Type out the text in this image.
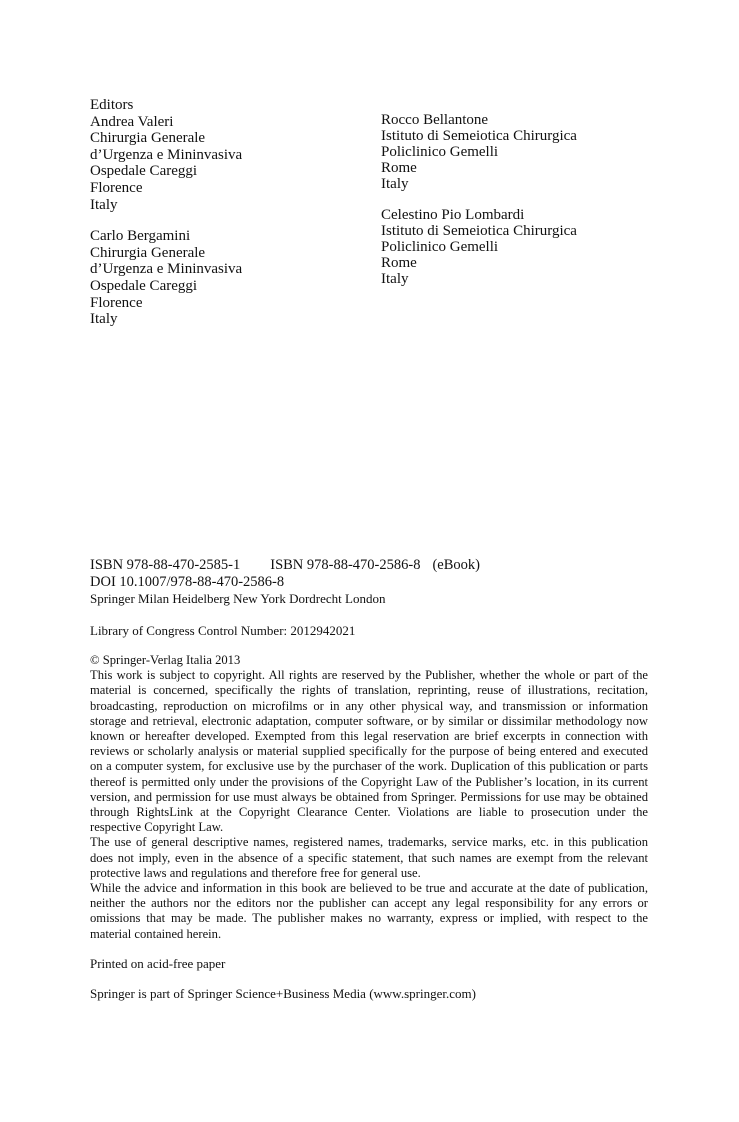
Editors
Andrea Valeri
Chirurgia Generale
d’Urgenza e Mininvasiva
Ospedale Careggi
Florence
Italy
Carlo Bergamini
Chirurgia Generale
d’Urgenza e Mininvasiva
Ospedale Careggi
Florence
Italy
Rocco Bellantone
Istituto di Semeiotica Chirurgica
Policlinico Gemelli
Rome
Italy
Celestino Pio Lombardi
Istituto di Semeiotica Chirurgica
Policlinico Gemelli
Rome
Italy
ISBN 978-88-470-2585-1 ISBN 978-88-470-2586-8 (eBook)
DOI 10.1007/978-88-470-2586-8
Springer Milan Heidelberg New York Dordrecht London
Library of Congress Control Number: 2012942021

© Springer-Verlag Italia 2013

This work is subject to copyright. All rights are reserved by the Publisher, whether the whole or part of the material is concerned, specifically the rights of translation, reprinting, reuse of illustrations, recitation, broadcasting, reproduction on microfilms or in any other physical way, and transmission or information storage and retrieval, electronic adaptation, computer software, or by similar or dissimilar methodology now known or hereafter developed. Exempted from this legal reservation are brief excerpts in connection with reviews or scholarly analysis or material supplied specifically for the purpose of being entered and executed on a computer system, for exclusive use by the purchaser of the work. Duplication of this publication or parts thereof is permitted only under the provisions of the Copyright Law of the Publisher’s location, in its current version, and permission for use must always be obtained from Springer. Permissions for use may be obtained through RightsLink at the Copyright Clearance Center. Violations are liable to prosecution under the respective Copyright Law.

The use of general descriptive names, registered names, trademarks, service marks, etc. in this publication does not imply, even in the absence of a specific statement, that such names are exempt from the relevant protective laws and regulations and therefore free for general use.

While the advice and information in this book are believed to be true and accurate at the date of publication, neither the authors nor the editors nor the publisher can accept any legal responsibility for any errors or omissions that may be made. The publisher makes no warranty, express or implied, with respect to the material contained herein.

Printed on acid-free paper
Springer is part of Springer Science+Business Media (www.springer.com)
